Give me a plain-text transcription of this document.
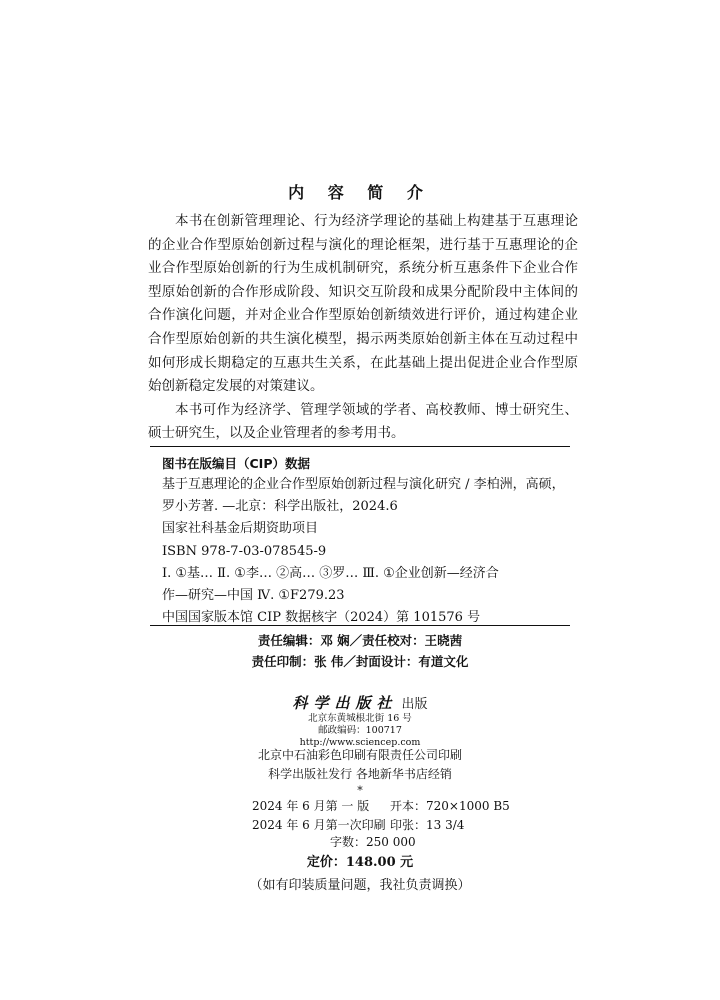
内 容 简 介

本书在创新管理理论、行为经济学理论的基础上构建基于互惠理论的企业合作型原始创新过程与演化的理论框架，进行基于互惠理论的企业合作型原始创新的行为生成机制研究，系统分析互惠条件下企业合作型原始创新的合作形成阶段、知识交互阶段和成果分配阶段中主体间的合作演化问题，并对企业合作型原始创新绩效进行评价，通过构建企业合作型原始创新的共生演化模型，揭示两类原始创新主体在互动过程中如何形成长期稳定的互惠共生关系，在此基础上提出促进企业合作型原始创新稳定发展的对策建议。

本书可作为经济学、管理学领域的学者、高校教师、博士研究生、硕士研究生，以及企业管理者的参考用书。

图书在版编目（CIP）数据
基于互惠理论的企业合作型原始创新过程与演化研究 / 李柏洲，高硕，
罗小芳著. —北京：科学出版社，2024.6
国家社科基金后期资助项目
ISBN 978-7-03-078545-9
Ⅰ. ①基… Ⅱ. ①李… ②高… ③罗… Ⅲ. ①企业创新—经济合
作—研究—中国 Ⅳ. ①F279.23
中国国家版本馆 CIP 数据核字（2024）第 101576 号
责任编辑：邓 娴／责任校对：王晓茜
责任印制：张 伟／封面设计：有道文化
科学出版社 出版
北京东黄城根北街 16 号
邮政编码：100717
http://www.sciencep.com
北京中石油彩色印刷有限责任公司印刷
科学出版社发行 各地新华书店经销
*
2024 年 6 月第 一 版 开本：720×1000 B5
2024 年 6 月第一次印刷 印张：13 3/4
字数：250 000
定价：148.00 元
（如有印装质量问题，我社负责调换）
